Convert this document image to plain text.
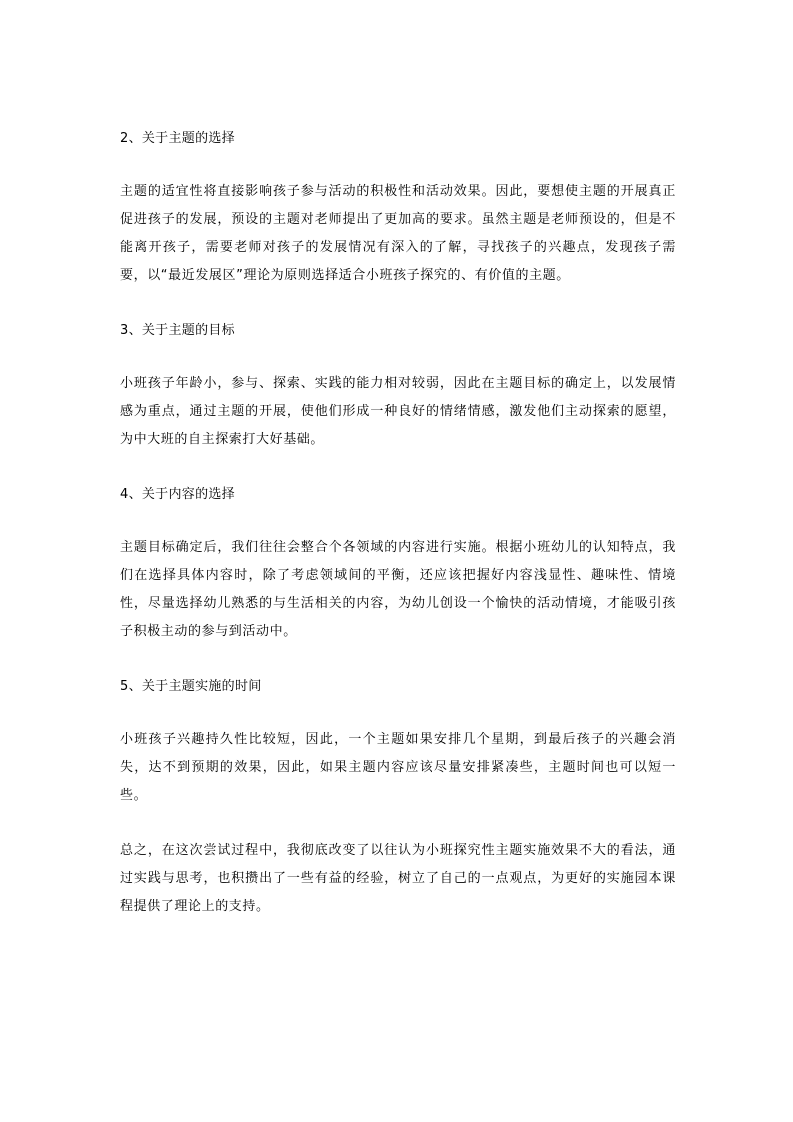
2、关于主题的选择

主题的适宜性将直接影响孩子参与活动的积极性和活动效果。因此，要想使主题的开展真正促进孩子的发展，预设的主题对老师提出了更加高的要求。虽然主题是老师预设的，但是不能离开孩子，需要老师对孩子的发展情况有深入的了解，寻找孩子的兴趣点，发现孩子需要，以“最近发展区”理论为原则选择适合小班孩子探究的、有价值的主题。

3、关于主题的目标

小班孩子年龄小，参与、探索、实践的能力相对较弱，因此在主题目标的确定上，以发展情感为重点，通过主题的开展，使他们形成一种良好的情绪情感，激发他们主动探索的愿望，为中大班的自主探索打大好基础。

4、关于内容的选择

主题目标确定后，我们往往会整合个各领域的内容进行实施。根据小班幼儿的认知特点，我们在选择具体内容时，除了考虑领域间的平衡，还应该把握好内容浅显性、趣味性、情境性，尽量选择幼儿熟悉的与生活相关的内容，为幼儿创设一个愉快的活动情境，才能吸引孩子积极主动的参与到活动中。

5、关于主题实施的时间

小班孩子兴趣持久性比较短，因此，一个主题如果安排几个星期，到最后孩子的兴趣会消失，达不到预期的效果，因此，如果主题内容应该尽量安排紧凑些，主题时间也可以短一些。

总之，在这次尝试过程中，我彻底改变了以往认为小班探究性主题实施效果不大的看法，通过实践与思考，也积攒出了一些有益的经验，树立了自己的一点观点，为更好的实施园本课程提供了理论上的支持。
